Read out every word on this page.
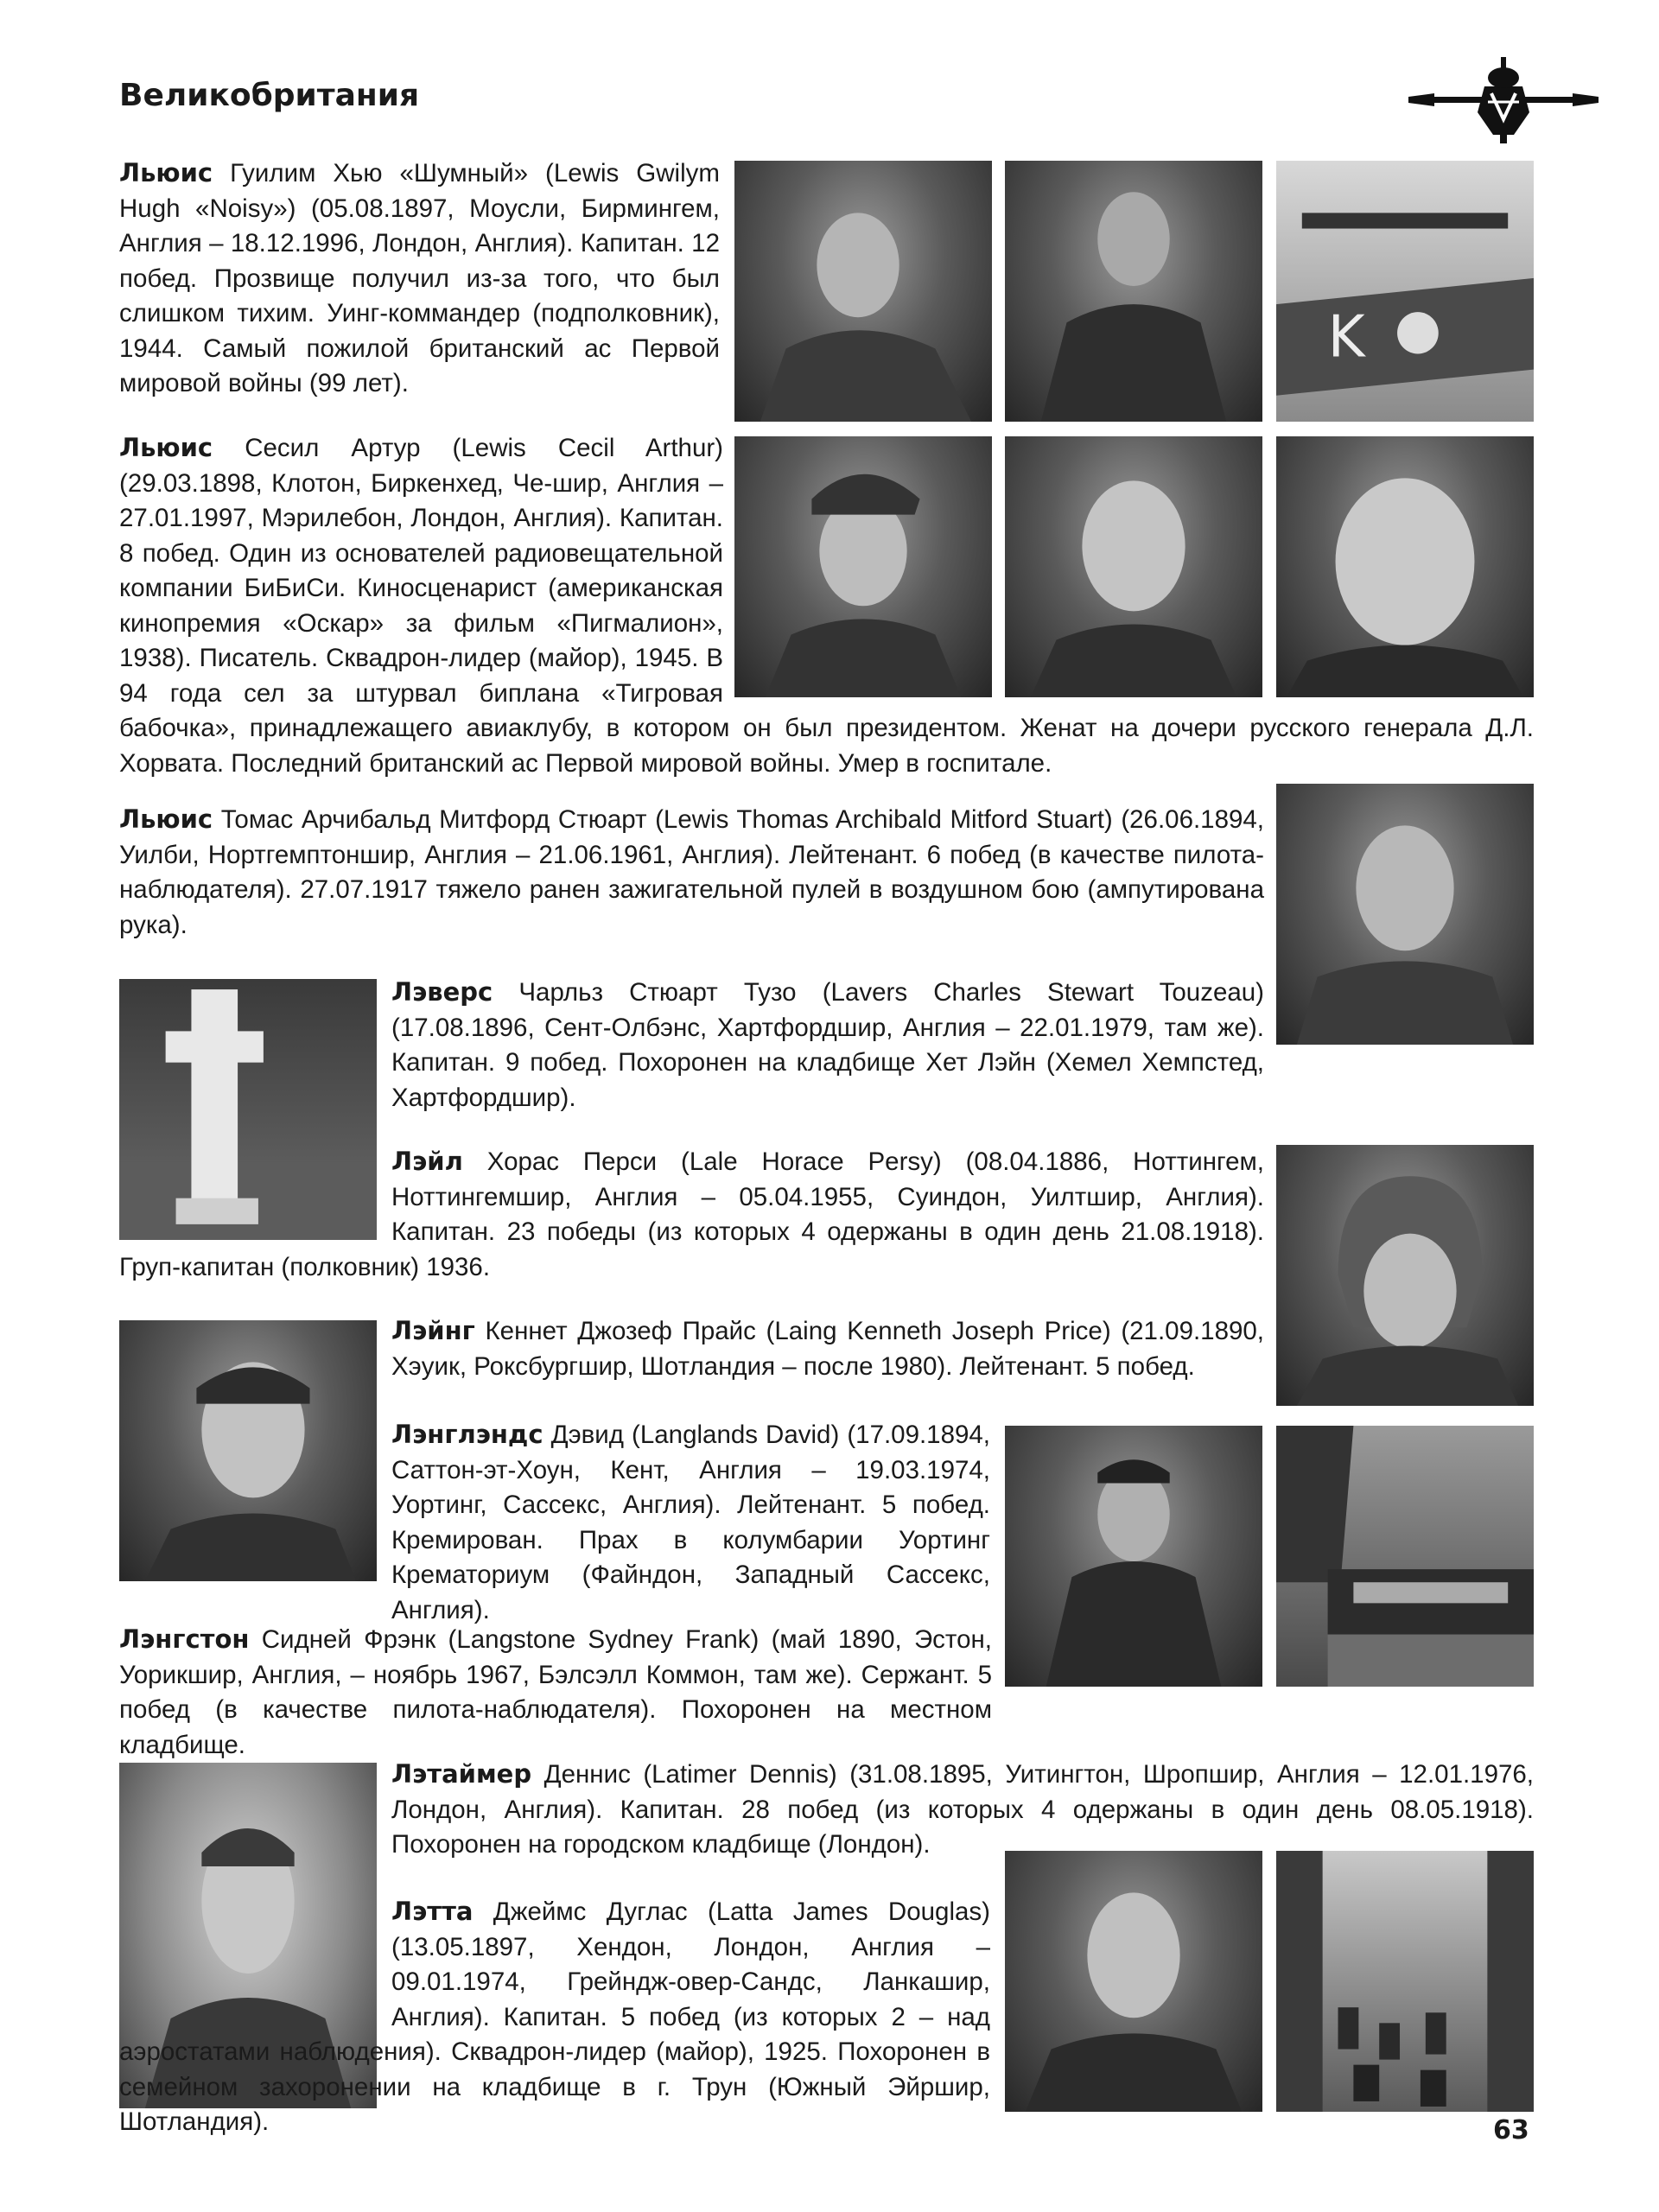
Великобритания

Льюис Гуилим Хью «Шумный» (Lewis Gwilym Hugh «Noisy») (05.08.1897, Моусли, Бирмингем, Англия – 18.12.1996, Лондон, Англия). Капитан. 12 побед. Прозвище получил из-за того, что был слишком тихим. Уинг-коммандер (подполковник), 1944. Самый пожилой британский ас Первой мировой войны (99 лет).

K

Льюис Сесил Артур (Lewis Cecil Arthur) (29.03.1898, Клотон, Биркенхед, Че-шир, Англия – 27.01.1997, Мэрилебон, Лондон, Англия). Капитан. 8 побед. Один из основателей радиовещательной компании БиБиСи. Киносценарист (американская кинопремия «Оскар» за фильм «Пигмалион», 1938). Писатель. Сквадрон-лидер (майор), 1945. В 94 года сел за штурвал биплана «Тигровая бабочка», принадлежащего авиаклубу, в котором он был президентом. Женат на дочери русского генерала Д.Л. Хорвата. Последний британский ас Первой мировой войны. Умер в госпитале.

Льюис Томас Арчибальд Митфорд Стюарт (Lewis Thomas Archibald Mitford Stuart) (26.06.1894, Уилби, Нортгемптоншир, Англия – 21.06.1961, Англия). Лейтенант. 6 побед (в качестве пилота-наблюдателя). 27.07.1917 тяжело ранен зажигательной пулей в воздушном бою (ампутирована рука).

Лэверс Чарльз Стюарт Тузо (Lavers Charles Stewart Touzeau) (17.08.1896, Сент-Олбэнс, Хартфордшир, Англия – 22.01.1979, там же). Капитан. 9 побед. Похоронен на кладбище Хет Лэйн (Хемел Хемпстед, Хартфордшир).

Лэйл Хорас Перси (Lale Horace Persy) (08.04.1886, Ноттингем, Ноттингемшир, Англия – 05.04.1955, Суиндон, Уилтшир, Англия). Капитан. 23 победы (из которых 4 одержаны в один день 21.08.1918). Груп-капитан (полковник) 1936.

Лэйнг Кеннет Джозеф Прайс (Laing Kenneth Joseph Price) (21.09.1890, Хэуик, Роксбургшир, Шотландия – после 1980). Лейтенант. 5 побед.

Лэнглэндс Дэвид (Langlands David) (17.09.1894, Саттон-эт-Хоун, Кент, Англия – 19.03.1974, Уортинг, Сассекс, Англия). Лейтенант. 5 побед. Кремирован. Прах в колумбарии Уортинг Крематориум (Файндон, Западный Сассекс, Англия).

Лэнгстон Сидней Фрэнк (Langstone Sydney Frank) (май 1890, Эстон, Уорикшир, Англия, – ноябрь 1967, Бэлсэлл Коммон, там же). Сержант. 5 побед (в качестве пилота-наблюдателя). Похоронен на местном кладбище.

Лэтаймер Деннис (Latimer Dennis) (31.08.1895, Уитингтон, Шропшир, Англия – 12.01.1976, Лондон, Англия). Капитан. 28 побед (из которых 4 одержаны в один день 08.05.1918). Похоронен на городском кладбище (Лондон).

Лэтта Джеймс Дуглас (Latta James Douglas) (13.05.1897, Хендон, Лондон, Англия – 09.01.1974, Грейндж-овер-Сандс, Ланкашир, Англия). Капитан. 5 побед (из которых 2 – над аэростатами наблюдения). Сквадрон-лидер (майор), 1925. Похоронен в семейном захоронении на кладбище в г. Трун (Южный Эйршир, Шотландия).	63
